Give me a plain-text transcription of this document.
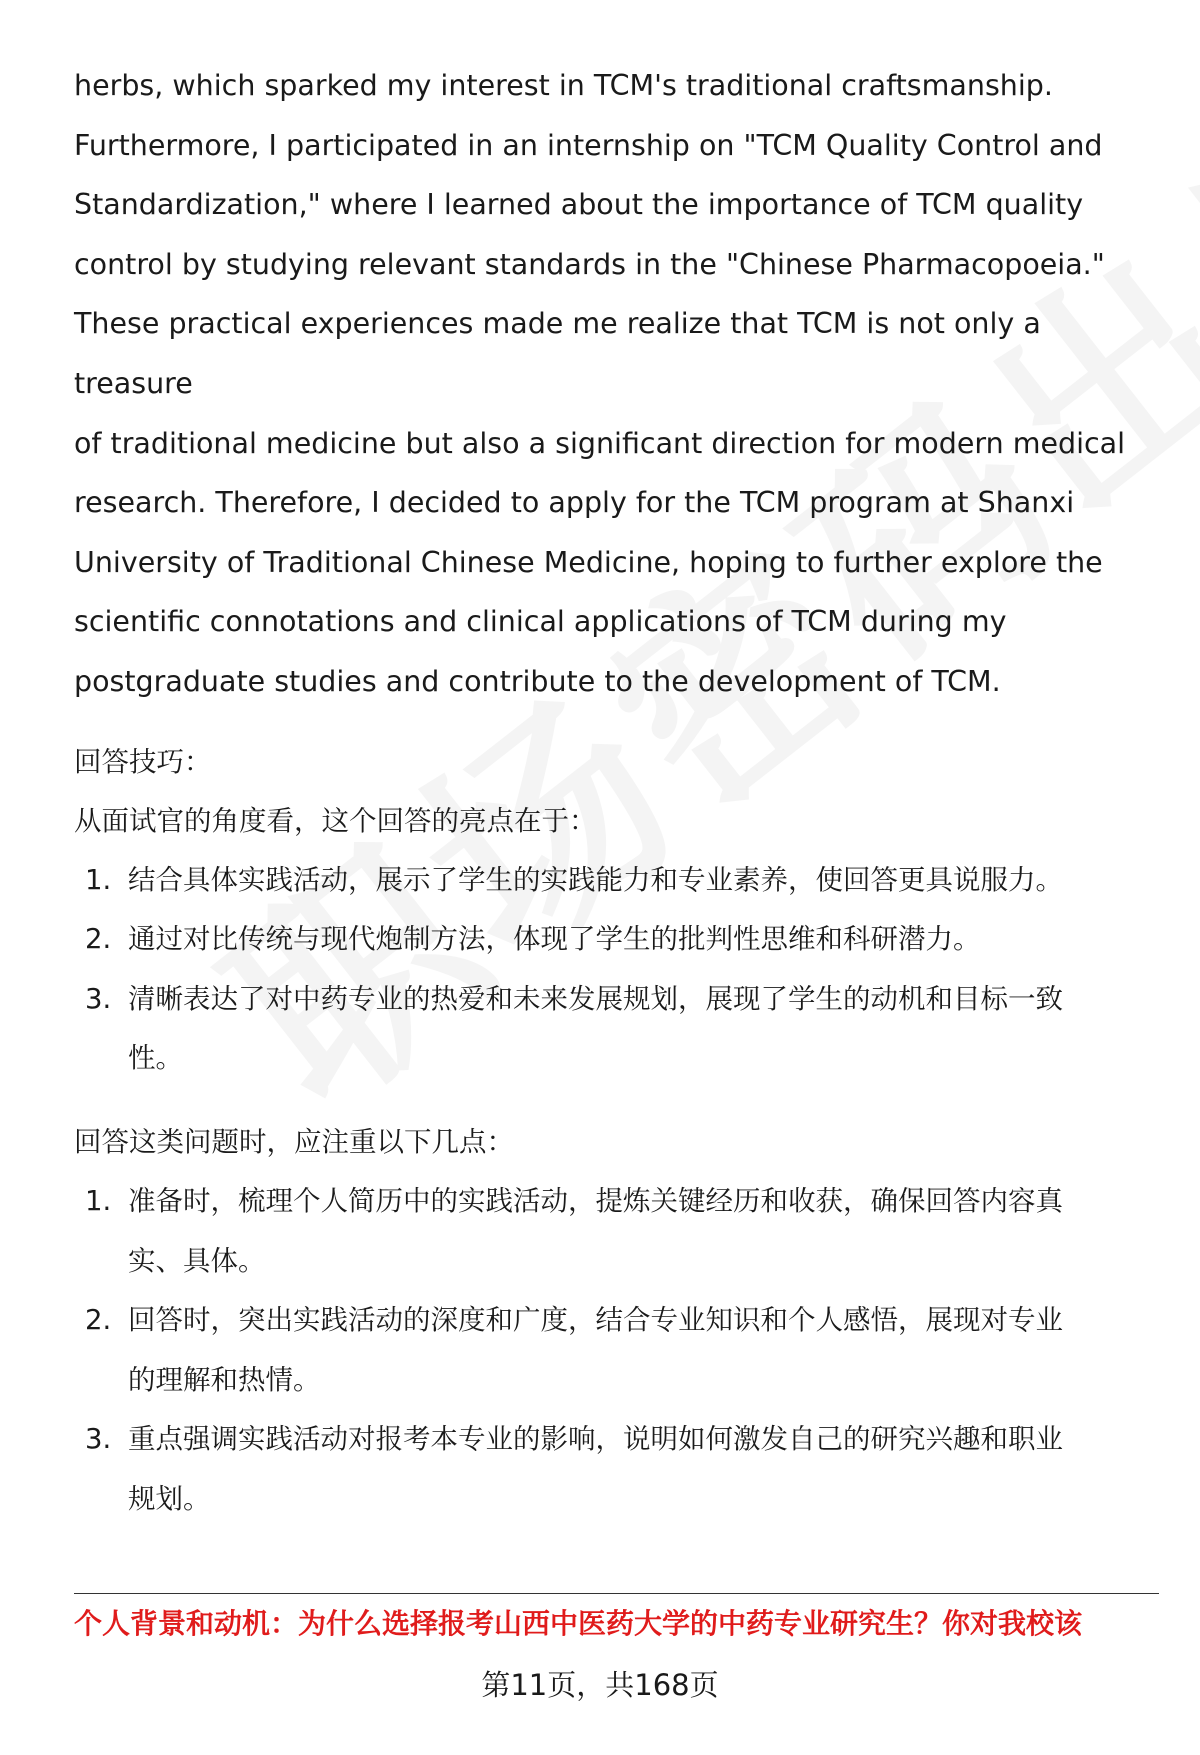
herbs, which sparked my interest in TCM's traditional craftsmanship.

Furthermore, I participated in an internship on "TCM Quality Control and

Standardization," where I learned about the importance of TCM quality

control by studying relevant standards in the "Chinese Pharmacopoeia."

These practical experiences made me realize that TCM is not only a treasure

of traditional medicine but also a significant direction for modern medical

research. Therefore, I decided to apply for the TCM program at Shanxi

University of Traditional Chinese Medicine, hoping to further explore the

scientific connotations and clinical applications of TCM during my

postgraduate studies and contribute to the development of TCM.

回答技巧：

从面试官的角度看，这个回答的亮点在于：

1. 结合具体实践活动，展示了学生的实践能力和专业素养，使回答更具说服力。
2. 通过对比传统与现代炮制方法，体现了学生的批判性思维和科研潜力。
3. 清晰表达了对中药专业的热爱和未来发展规划，展现了学生的动机和目标一致
性。

回答这类问题时，应注重以下几点：

1. 准备时，梳理个人简历中的实践活动，提炼关键经历和收获，确保回答内容真
实、具体。
2. 回答时，突出实践活动的深度和广度，结合专业知识和个人感悟，展现对专业
的理解和热情。
3. 重点强调实践活动对报考本专业的影响，说明如何激发自己的研究兴趣和职业
规划。
个人背景和动机：为什么选择报考山西中医药大学的中药专业研究生？你对我校该
第11页，共168页
